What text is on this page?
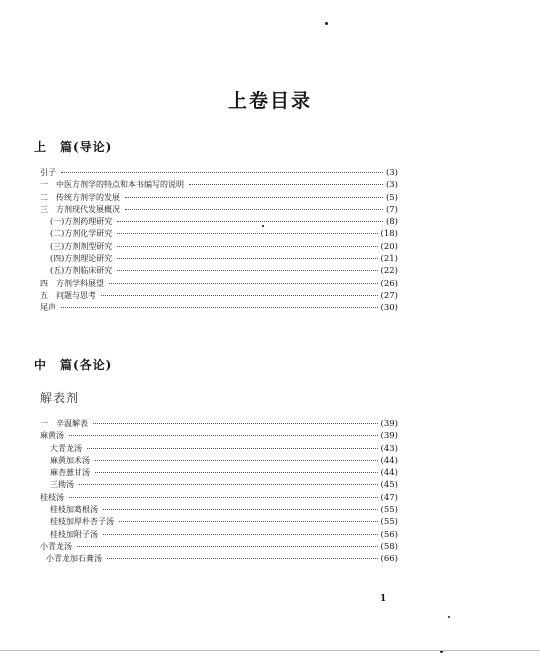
上卷目录
上　篇(导论)
引子	(3)
一　中医方剂学的特点和本书编写的说明	(3)
二　传统方剂学的发展	(5)
三　方剂现代发展概况	(7)
(一)方剂药理研究	(8)
(二)方剂化学研究	(18)
(三)方剂剂型研究	(20)
(四)方剂理论研究	(21)
(五)方剂临床研究	(22)
四　方剂学科展望	(26)
五　问题与思考	(27)
尾声	(30)
中　篇(各论)
解表剂
一　辛温解表	(39)
麻黄汤	(39)
大青龙汤	(43)
麻黄加术汤	(44)
麻杏薏甘汤	(44)
三拗汤	(45)
桂枝汤	(47)
桂枝加葛根汤	(55)
桂枝加厚朴杏子汤	(55)
桂枝加附子汤	(56)
小青龙汤	(58)
小青龙加石膏汤	(66)
1
